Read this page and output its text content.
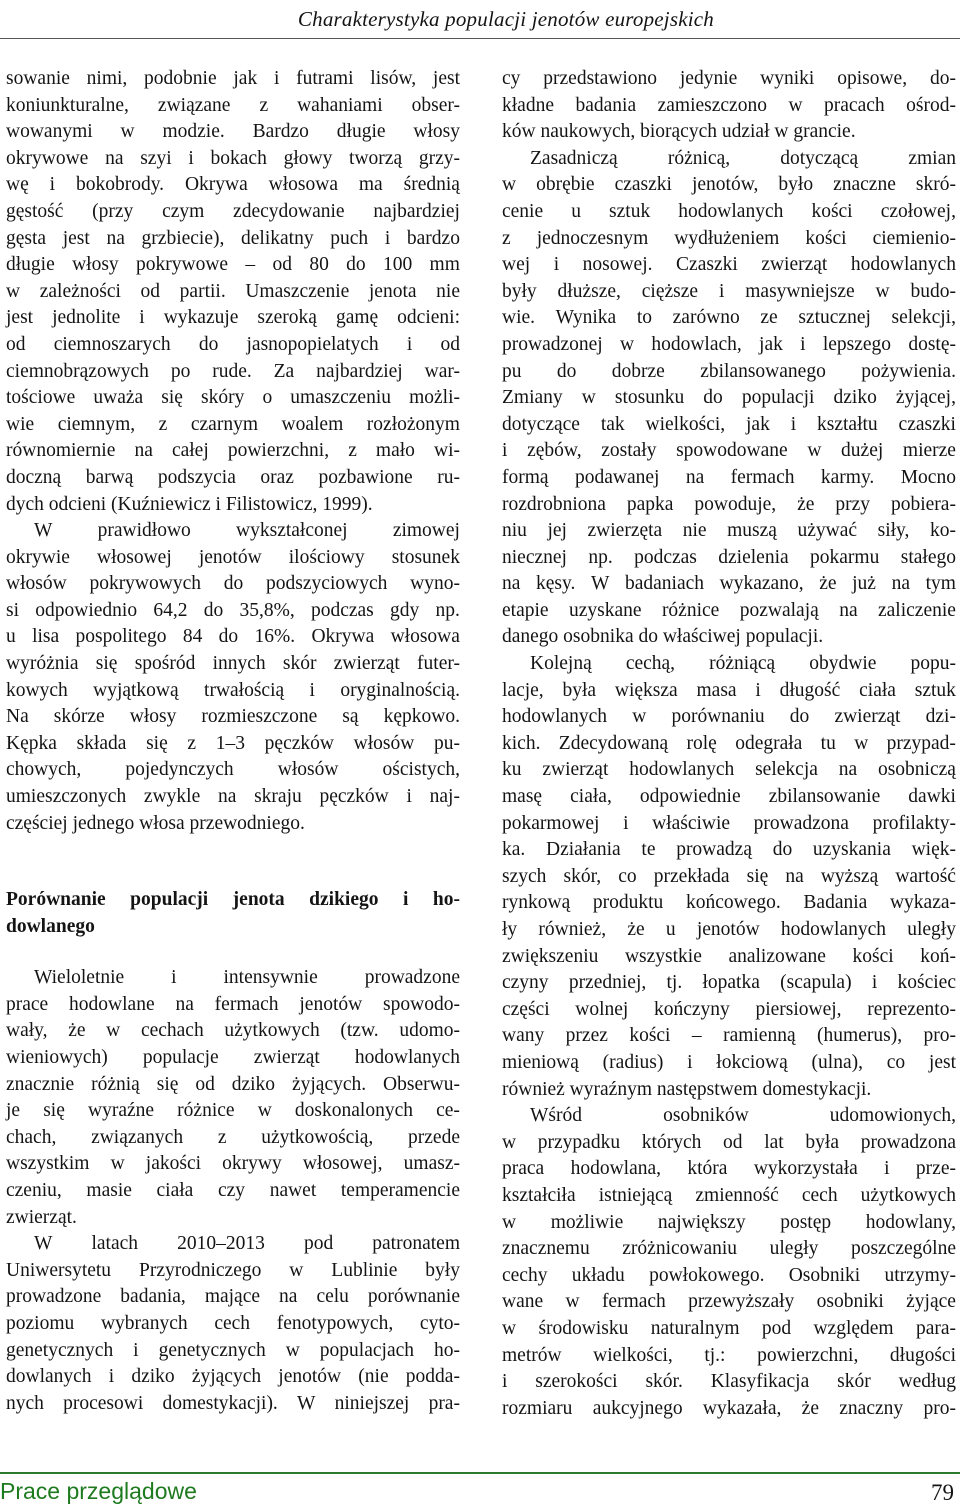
Charakterystyka populacji jenotów europejskich
sowanie nimi, podobnie jak i futrami lisów, jest
koniunkturalne, związane z wahaniami obser-
wowanymi w modzie. Bardzo długie włosy
okrywowe na szyi i bokach głowy tworzą grzy-
wę i bokobrody. Okrywa włosowa ma średnią
gęstość (przy czym zdecydowanie najbardziej
gęsta jest na grzbiecie), delikatny puch i bardzo
długie włosy pokrywowe – od 80 do 100 mm
w zależności od partii. Umaszczenie jenota nie
jest jednolite i wykazuje szeroką gamę odcieni:
od ciemnoszarych do jasnopopielatych i od
ciemnobrązowych po rude. Za najbardziej war-
tościowe uważa się skóry o umaszczeniu możli-
wie ciemnym, z czarnym woalem rozłożonym
równomiernie na całej powierzchni, z mało wi-
doczną barwą podszycia oraz pozbawione ru-
dych odcieni (Kuźniewicz i Filistowicz, 1999).
W prawidłowo wykształconej zimowej
okrywie włosowej jenotów ilościowy stosunek
włosów pokrywowych do podszyciowych wyno-
si odpowiednio 64,2 do 35,8%, podczas gdy np.
u lisa pospolitego 84 do 16%. Okrywa włosowa
wyróżnia się spośród innych skór zwierząt futer-
kowych wyjątkową trwałością i oryginalnością.
Na skórze włosy rozmieszczone są kępkowo.
Kępka składa się z 1–3 pęczków włosów pu-
chowych, pojedynczych włosów ościstych,
umieszczonych zwykle na skraju pęczków i naj-
częściej jednego włosa przewodniego.
Porównanie populacji jenota dzikiego i ho-
dowlanego
Wieloletnie i intensywnie prowadzone
prace hodowlane na fermach jenotów spowodo-
wały, że w cechach użytkowych (tzw. udomo-
wieniowych) populacje zwierząt hodowlanych
znacznie różnią się od dziko żyjących. Obserwu-
je się wyraźne różnice w doskonalonych ce-
chach, związanych z użytkowością, przede
wszystkim w jakości okrywy włosowej, umasz-
czeniu, masie ciała czy nawet temperamencie
zwierząt.
W latach 2010–2013 pod patronatem
Uniwersytetu Przyrodniczego w Lublinie były
prowadzone badania, mające na celu porównanie
poziomu wybranych cech fenotypowych, cyto-
genetycznych i genetycznych w populacjach ho-
dowlanych i dziko żyjących jenotów (nie podda-
nych procesowi domestykacji). W niniejszej pra-
cy przedstawiono jedynie wyniki opisowe, do-
kładne badania zamieszczono w pracach ośrod-
ków naukowych, biorących udział w grancie.
Zasadniczą	różnicą,	dotyczącą	zmian
w obrębie czaszki jenotów, było znaczne skró-
cenie u sztuk hodowlanych kości czołowej,
z jednoczesnym wydłużeniem kości ciemienio-
wej i nosowej. Czaszki zwierząt hodowlanych
były dłuższe, cięższe i masywniejsze w budo-
wie. Wynika to zarówno ze sztucznej selekcji,
prowadzonej w hodowlach, jak i lepszego dostę-
pu do dobrze zbilansowanego pożywienia.
Zmiany w stosunku do populacji dziko żyjącej,
dotyczące tak wielkości, jak i kształtu czaszki
i zębów, zostały spowodowane w dużej mierze
formą podawanej na fermach karmy. Mocno
rozdrobniona papka powoduje, że przy pobiera-
niu jej zwierzęta nie muszą używać siły, ko-
niecznej np. podczas dzielenia pokarmu stałego
na kęsy. W badaniach wykazano, że już na tym
etapie uzyskane różnice pozwalają na zaliczenie
danego osobnika do właściwej populacji.
Kolejną cechą, różniącą obydwie popu-
lacje, była większa masa i długość ciała sztuk
hodowlanych w porównaniu do zwierząt dzi-
kich. Zdecydowaną rolę odegrała tu w przypad-
ku zwierząt hodowlanych selekcja na osobniczą
masę ciała, odpowiednie zbilansowanie dawki
pokarmowej i właściwie prowadzona profilakty-
ka. Działania te prowadzą do uzyskania więk-
szych skór, co przekłada się na wyższą wartość
rynkową produktu końcowego. Badania wykaza-
ły również, że u jenotów hodowlanych uległy
zwiększeniu wszystkie analizowane kości koń-
czyny przedniej, tj. łopatka (scapula) i kościec
części wolnej kończyny piersiowej, reprezento-
wany przez kości – ramienną (humerus), pro-
mieniową (radius) i łokciową (ulna), co jest
również wyraźnym następstwem domestykacji.
Wśród	osobników	udomowionych,
w przypadku których od lat była prowadzona
praca hodowlana, która wykorzystała i prze-
kształciła istniejącą zmienność cech użytkowych
w możliwie największy postęp hodowlany,
znacznemu zróżnicowaniu uległy poszczególne
cechy układu powłokowego. Osobniki utrzymy-
wane w fermach przewyższały osobniki żyjące
w środowisku naturalnym pod względem para-
metrów wielkości, tj.: powierzchni, długości
i szerokości skór. Klasyfikacja skór według
rozmiaru aukcyjnego wykazała, że znaczny pro-
Prace przeglądowe	79
